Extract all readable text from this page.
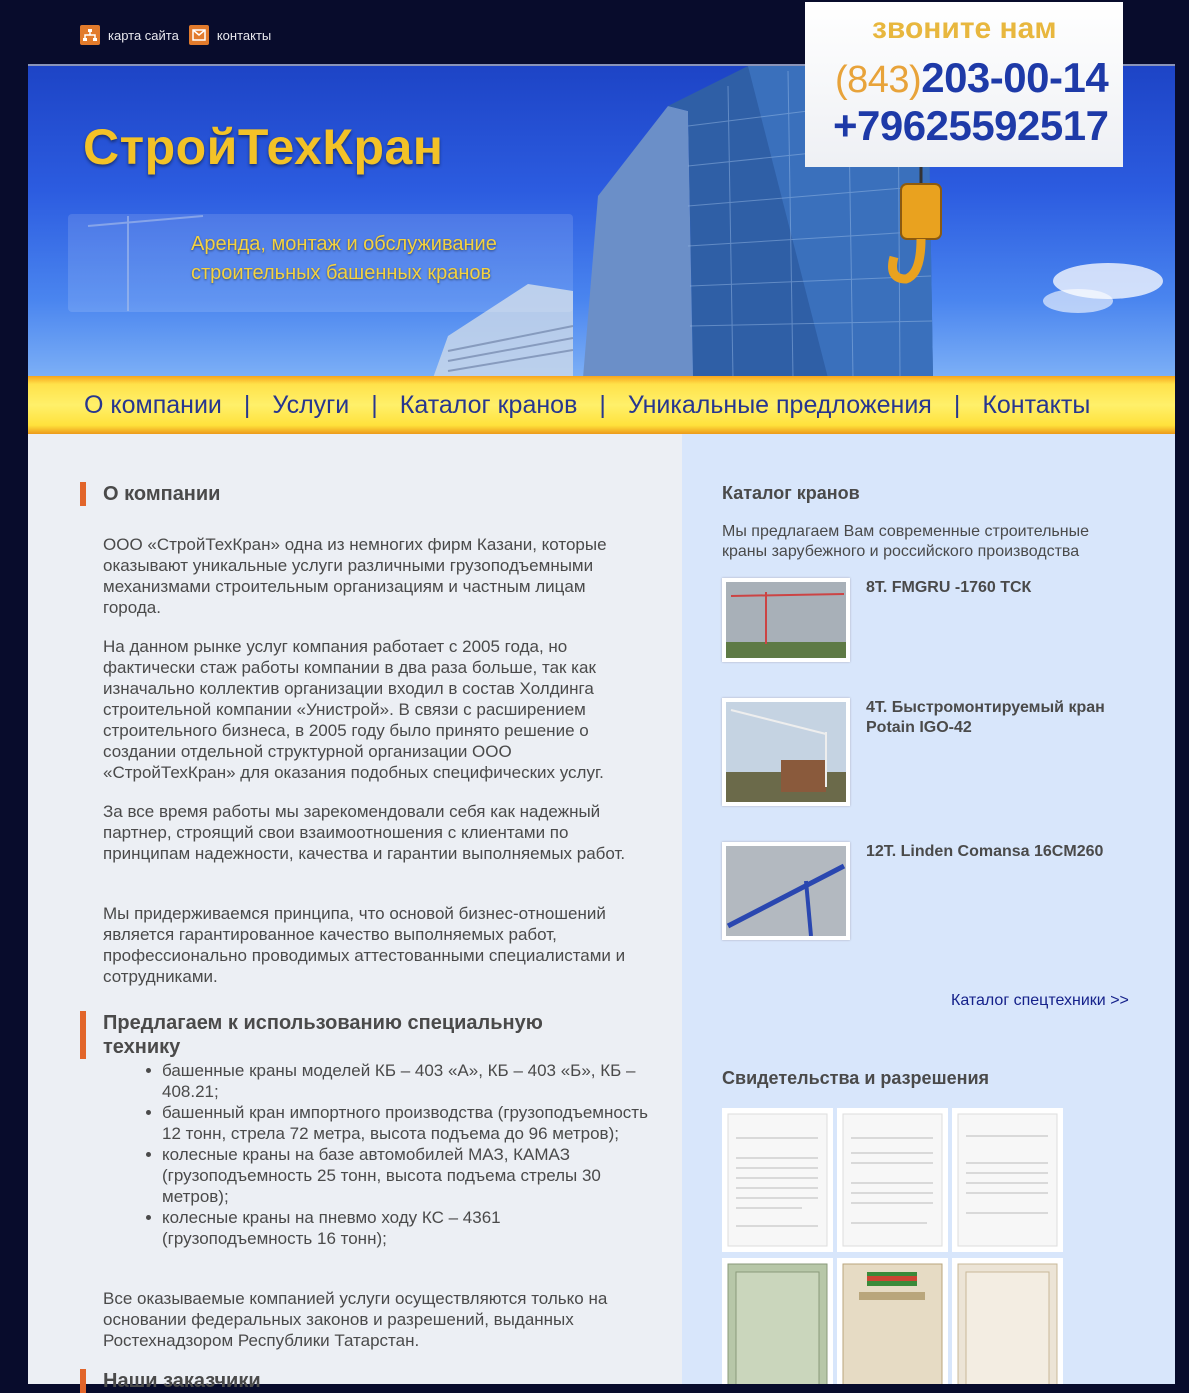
карта сайта	контакты	звоните нам
(843)203-00-14
+79625592517
СтройТехКран
Аренда, монтаж и обслуживание
строительных башенных кранов
О компании | Услуги | Каталог кранов | Уникальные предложения | Контакты
О компании

ООО «СтройТехКран» одна из немногих фирм Казани, которые оказывают уникальные услуги различными грузоподъемными механизмами строительным организациям и частным лицам города.

На данном рынке услуг компания работает с 2005 года, но фактически стаж работы компании в два раза больше, так как изначально коллектив организации входил в состав Холдинга строительной компании «Унистрой». В связи с расширением строительного бизнеса, в 2005 году было принято решение о создании отдельной структурной организации ООО «СтройТехКран» для оказания подобных специфических услуг.

За все время работы мы зарекомендовали себя как надежный партнер, строящий свои взаимоотношения с клиентами по принципам надежности, качества и гарантии выполняемых работ.

Мы придерживаемся принципа, что основой бизнес-отношений является гарантированное качество выполняемых работ, профессионально проводимых аттестованными специалистами и сотрудниками.

Предлагаем к использованию специальную технику
башенные краны моделей КБ – 403 «А», КБ – 403 «Б», КБ – 408.21;
башенный кран импортного производства (грузоподъемность 12 тонн, стрела 72 метра, высота подъема до 96 метров);
колесные краны на базе автомобилей МАЗ, КАМАЗ (грузоподъемность 25 тонн, высота подъема стрелы 30 метров);
колесные краны на пневмо ходу КС – 4361 (грузоподъемность 16 тонн);

Все оказываемые компанией услуги осуществляются только на основании федеральных законов и разрешений, выданных Ростехнадзором Республики Татарстан.

Наши заказчики
Каталог кранов

Мы предлагаем Вам современные строительные краны зарубежного и российского производства

8Т. FMGRU -1760 ТСК
4Т. Быстромонтируемый кран Potain IGO-42
12Т. Linden Comansa 16CM260
Каталог спецтехники >>
Свидетельства и разрешения
